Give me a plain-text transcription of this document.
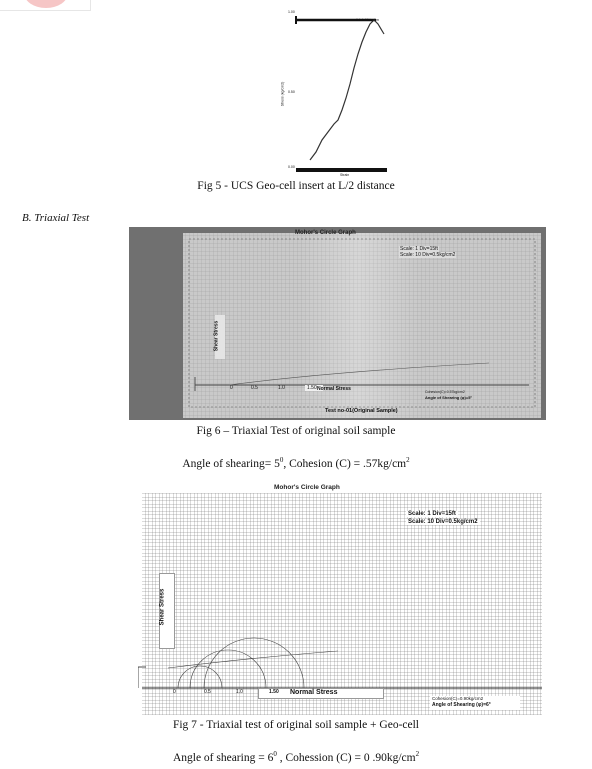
1.00
0.50
0.00
0.1 1 00 kg/cm
Stress (kg/cm2)
Strain
Fig 5 - UCS Geo-cell insert at L/2 distance
B. Triaxial Test
Mohor's Circle Graph
Scale: 1 Div=15ft
Scale: 10 Div=0.5kg/cm2
Shear Stress
0	0.5	1.0	1.50 Normal Stress	Cohesion(C)=0.57kg/cm2
Angle of Shearing (φ)=5°
Test no-01(Original Sample)
Fig 6 – Triaxial Test of original soil sample
Angle of shearing= $5^0$, Cohesion $(C) = .57kg/cm^2$
Mohor's Circle Graph
Scale: 1 Div=15ft
Scale: 10 Div=0.5kg/cm2
Shear Stress
0	0.5	1.0	1.50 Normal Stress
Cohesion(C)=0.90kg/cm2
Angle of Shearing (φ)=6°
Fig 7 - Triaxial test of original soil sample + Geo-cell
Angle of shearing = $6^0$ , Cohession (C) = 0 $.90kg/cm^2$
